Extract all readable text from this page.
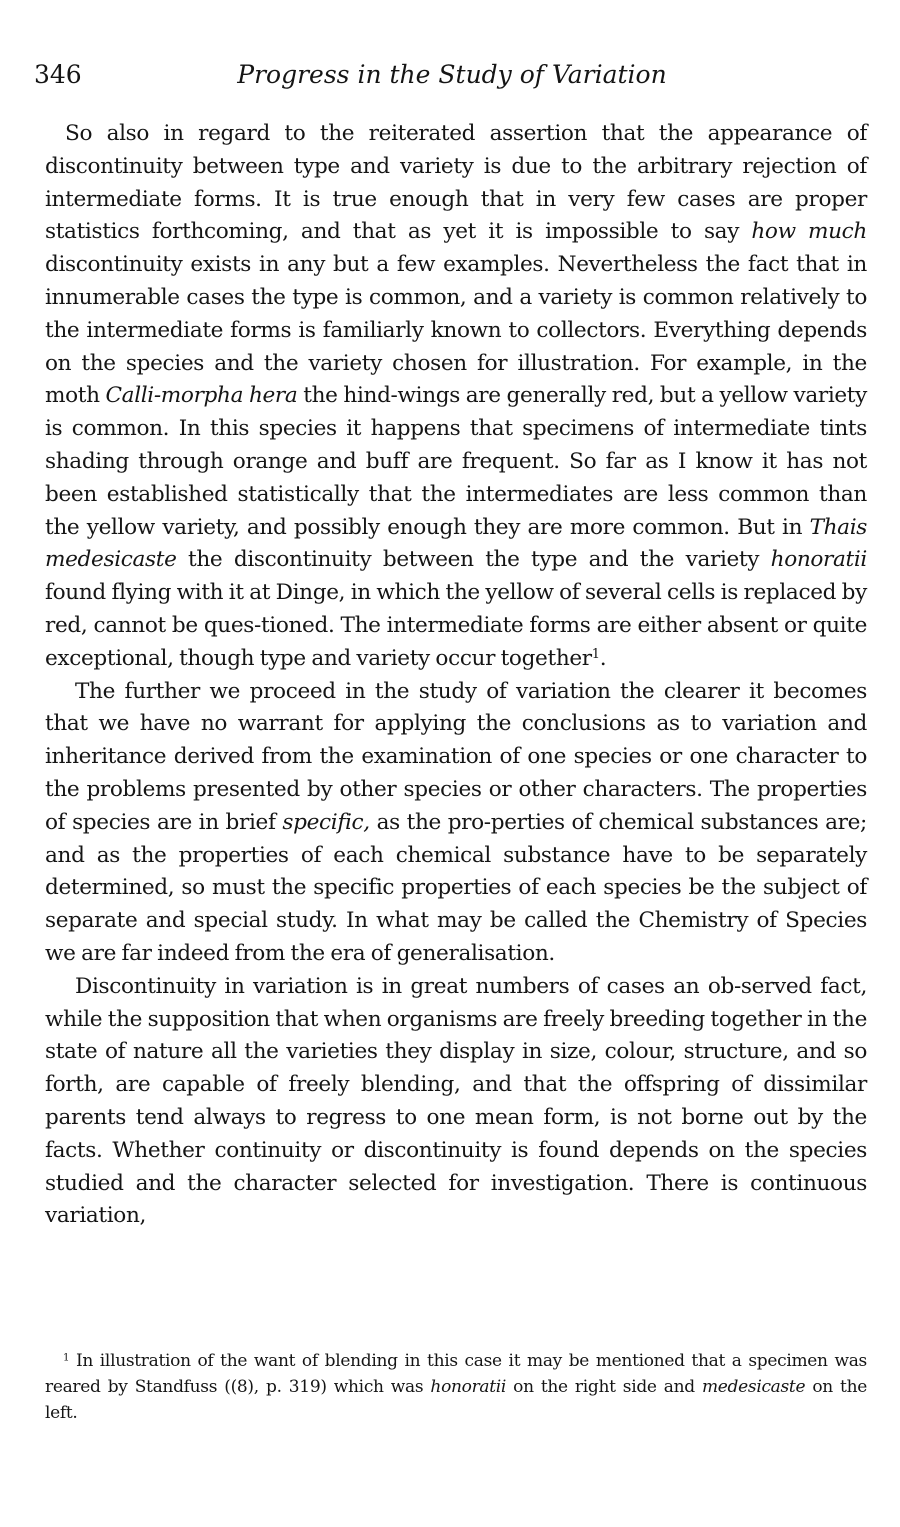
346	Progress in the Study of Variation

So also in regard to the reiterated assertion that the appearance of discontinuity between type and variety is due to the arbitrary rejection of intermediate forms. It is true enough that in very few cases are proper statistics forthcoming, and that as yet it is impossible to say how much discontinuity exists in any but a few examples. Nevertheless the fact that in innumerable cases the type is common, and a variety is common relatively to the intermediate forms is familiarly known to collectors. Everything depends on the species and the variety chosen for illustration. For example, in the moth Calli-morpha hera the hind-wings are generally red, but a yellow variety is common. In this species it happens that specimens of intermediate tints shading through orange and buff are frequent. So far as I know it has not been established statistically that the intermediates are less common than the yellow variety, and possibly enough they are more common. But in Thais medesicaste the discontinuity between the type and the variety honoratii found flying with it at Dinge, in which the yellow of several cells is replaced by red, cannot be ques-tioned. The intermediate forms are either absent or quite exceptional, though type and variety occur together$^1$.

The further we proceed in the study of variation the clearer it becomes that we have no warrant for applying the conclusions as to variation and inheritance derived from the examination of one species or one character to the problems presented by other species or other characters. The properties of species are in brief specific, as the pro-perties of chemical substances are; and as the properties of each chemical substance have to be separately determined, so must the specific properties of each species be the subject of separate and special study. In what may be called the Chemistry of Species we are far indeed from the era of generalisation.

Discontinuity in variation is in great numbers of cases an ob-served fact, while the supposition that when organisms are freely breeding together in the state of nature all the varieties they display in size, colour, structure, and so forth, are capable of freely blending, and that the offspring of dissimilar parents tend always to regress to one mean form, is not borne out by the facts. Whether continuity or discontinuity is found depends on the species studied and the character selected for investigation. There is continuous variation,

$^1$ In illustration of the want of blending in this case it may be mentioned that a specimen was reared by Standfuss ((8), p. 319) which was honoratii on the right side and medesicaste on the left.
